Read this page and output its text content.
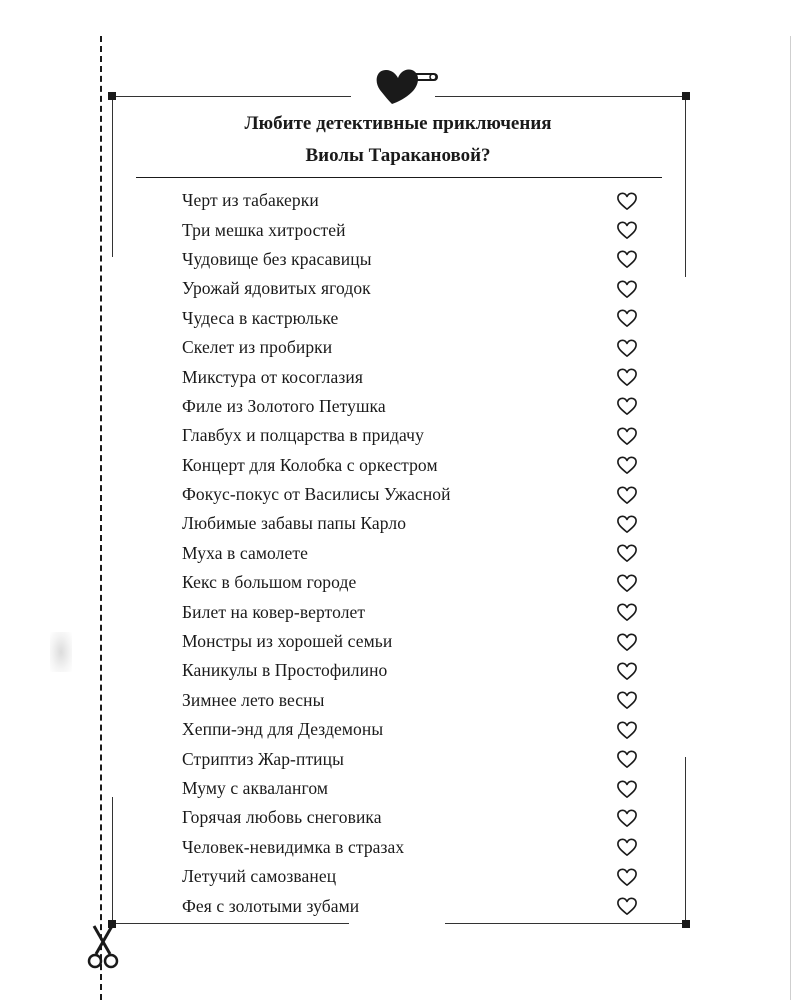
Любите детективные приключения
Виолы Таракановой?
Черт из табакерки
Три мешка хитростей
Чудовище без красавицы
Урожай ядовитых ягодок
Чудеса в кастрюльке
Скелет из пробирки
Микстура от косоглазия
Филе из Золотого Петушка
Главбух и полцарства в придачу
Концерт для Колобка с оркестром
Фокус-покус от Василисы Ужасной
Любимые забавы папы Карло
Муха в самолете
Кекс в большом городе
Билет на ковер-вертолет
Монстры из хорошей семьи
Каникулы в Простофилино
Зимнее лето весны
Хеппи-энд для Дездемоны
Стриптиз Жар-птицы
Муму с аквалангом
Горячая любовь снеговика
Человек-невидимка в стразах
Летучий самозванец
Фея с золотыми зубами
